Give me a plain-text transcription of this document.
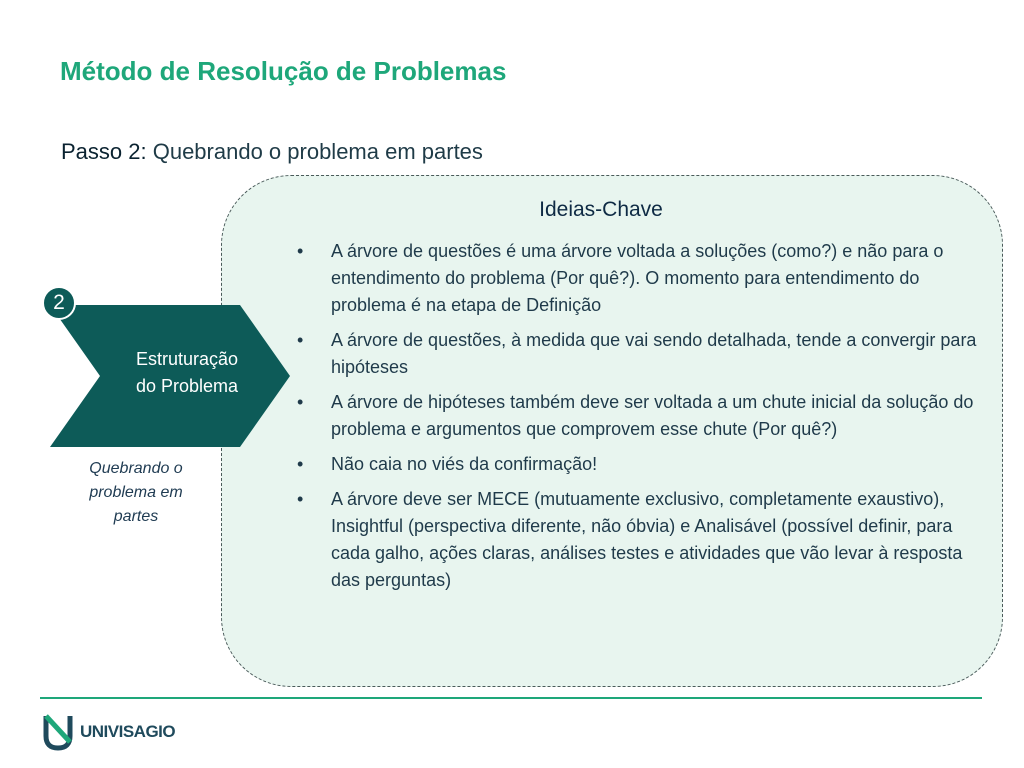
Método de Resolução de Problemas
Passo 2: Quebrando o problema em partes
Ideias-Chave
• A árvore de questões é uma árvore voltada a soluções (como?) e não para o entendimento do problema (Por quê?). O momento para entendimento do problema é na etapa de Definição
• A árvore de questões, à medida que vai sendo detalhada, tende a convergir para hipóteses
• A árvore de hipóteses também deve ser voltada a um chute inicial da solução do problema e argumentos que comprovem esse chute (Por quê?)
• Não caia no viés da confirmação!
• A árvore deve ser MECE (mutuamente exclusivo, completamente exaustivo), Insightful (perspectiva diferente, não óbvia) e Analisável (possível definir, para cada galho, ações claras, análises testes e atividades que vão levar à resposta das perguntas)
Estruturação
do Problema
2
Quebrando o
problema em
partes
UNIVISAGIO
